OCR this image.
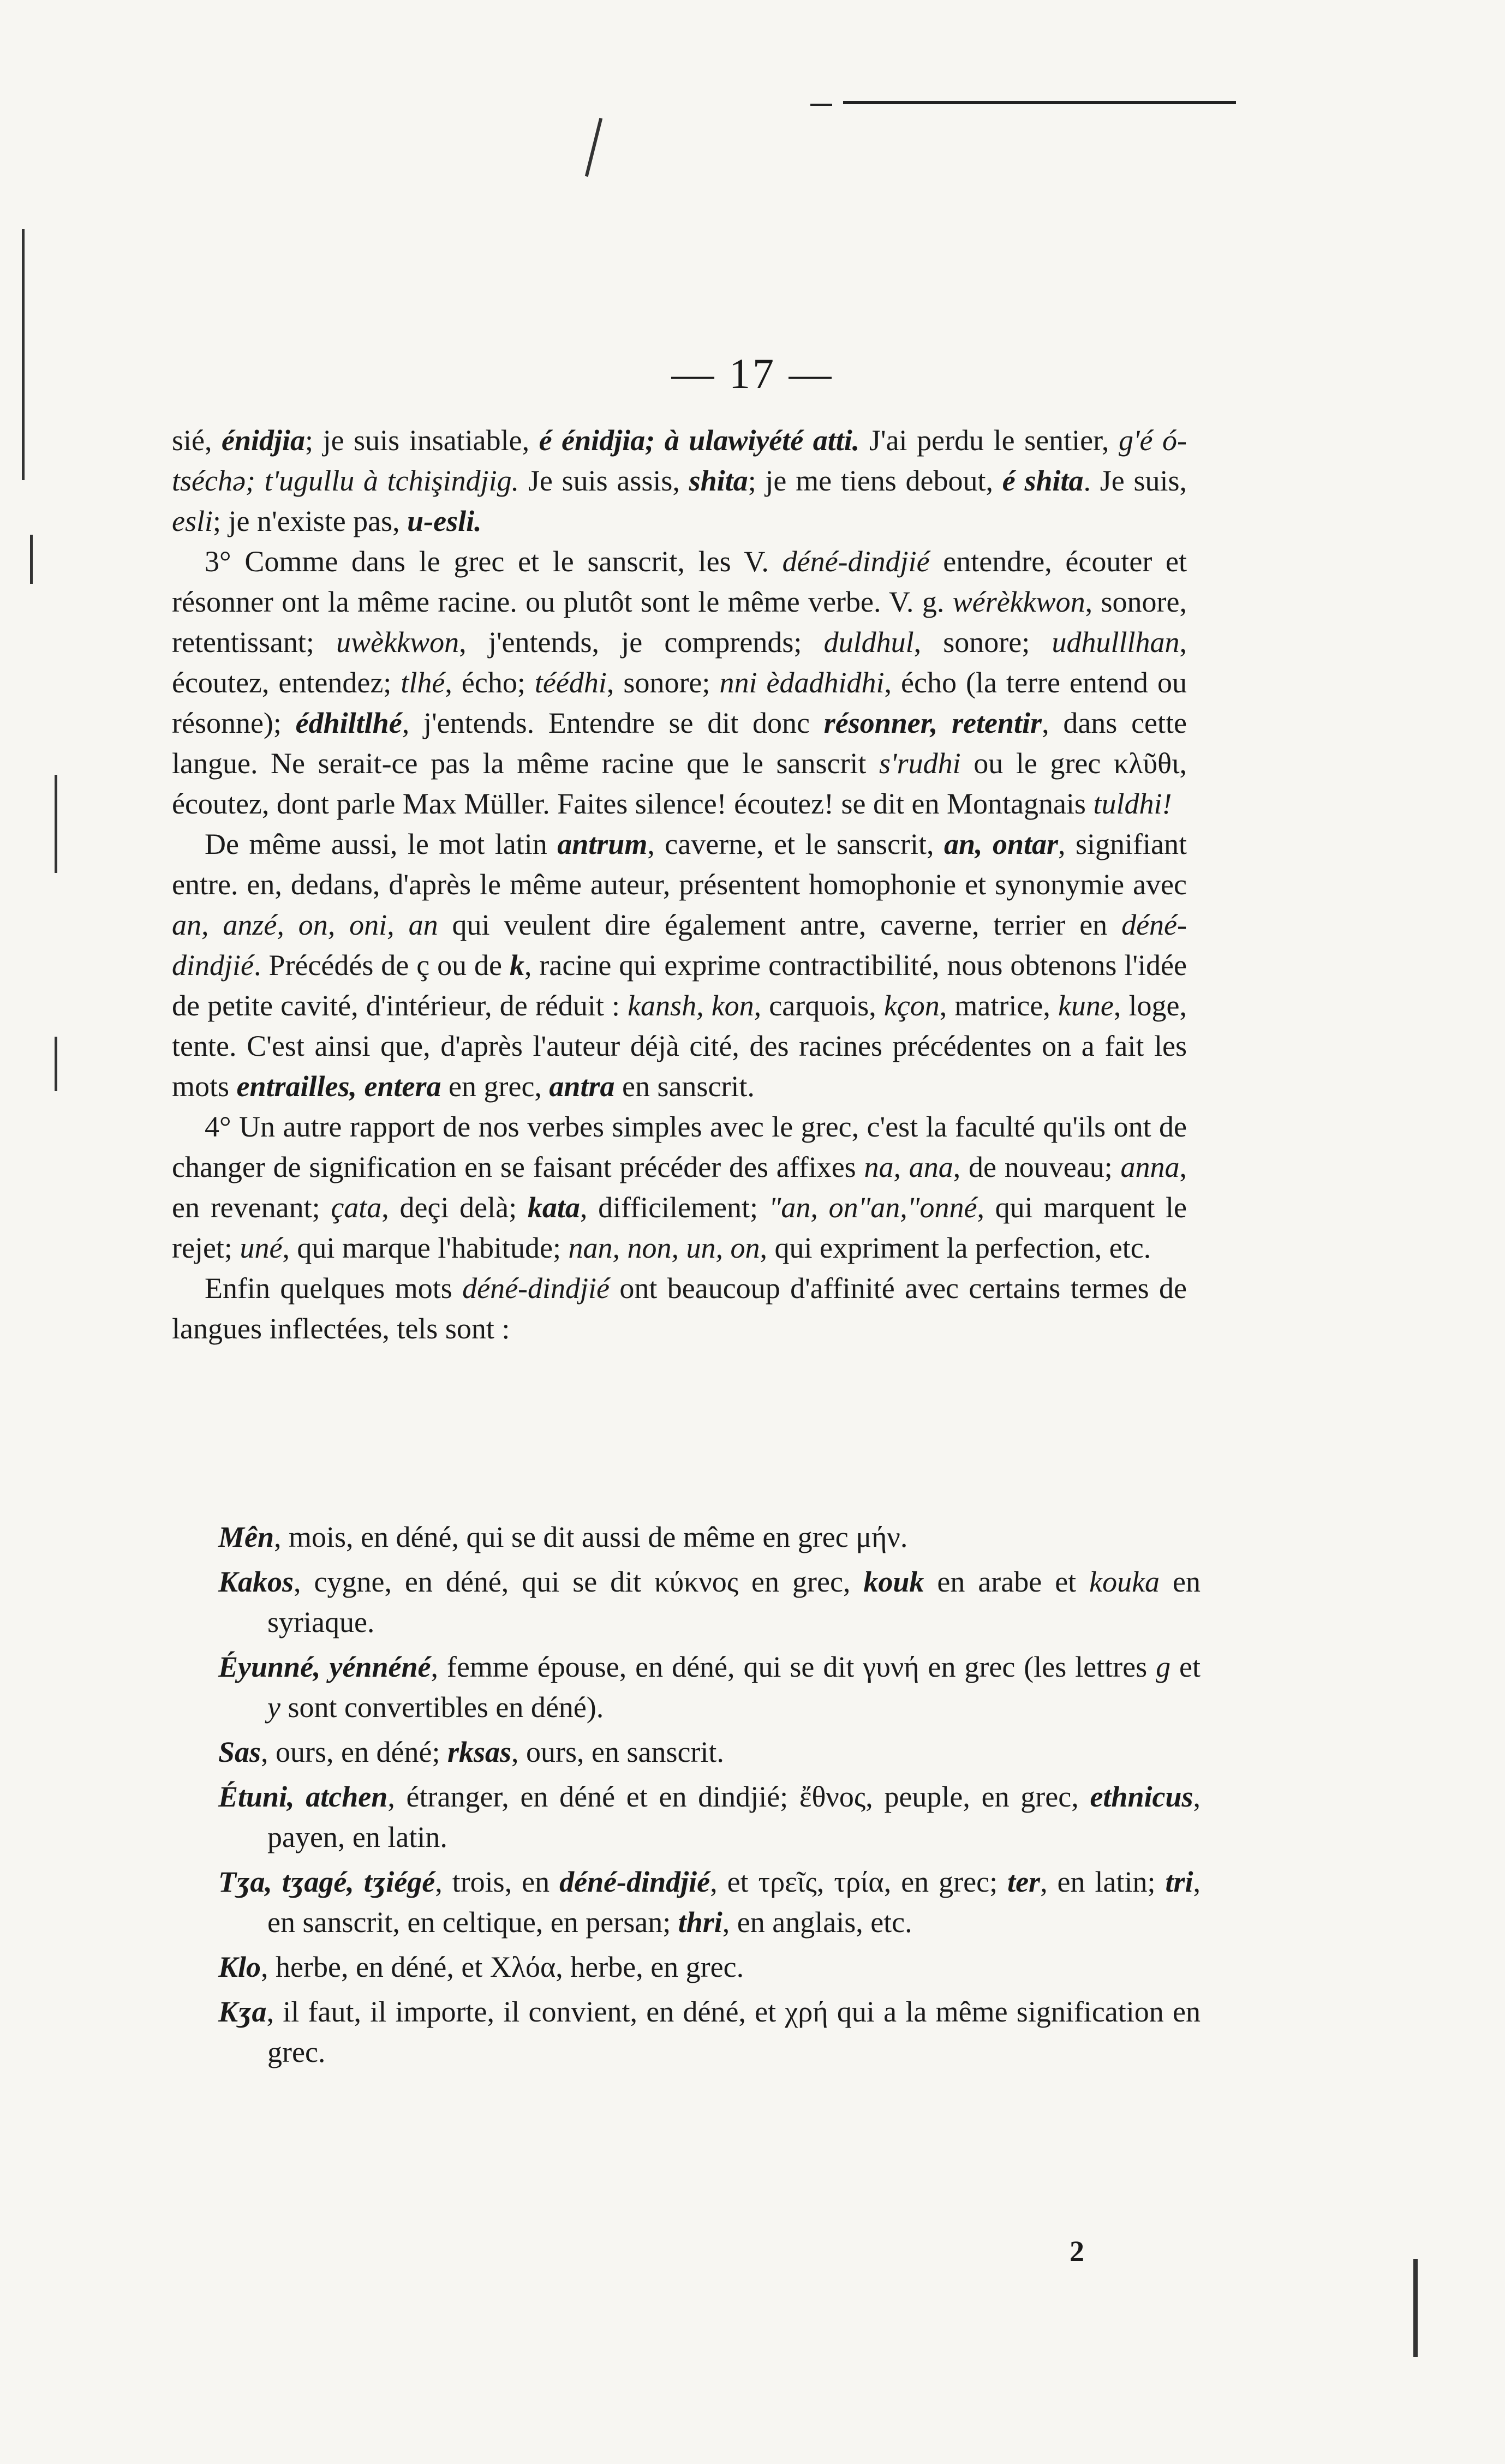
— 17 —

sié, énidjia; je suis insatiable, é énidjia; à ulawiyété atti. J'ai perdu le sentier, g'é ó-tséchə; t'ugullu à tchişindjig. Je suis assis, shita; je me tiens debout, é shita. Je suis, esli; je n'existe pas, u-esli.

3° Comme dans le grec et le sanscrit, les V. déné-dindjié entendre, écouter et résonner ont la même racine. ou plutôt sont le même verbe. V. g. wérèkkwon, sonore, retentissant; uwèkkwon, j'entends, je comprends; duldhul, sonore; udhulllhan, écoutez, entendez; tlhé, écho; téédhi, sonore; nni èdadhidhi, écho (la terre entend ou résonne); édhiltlhé, j'entends. Entendre se dit donc résonner, retentir, dans cette langue. Ne serait-ce pas la même racine que le sanscrit s'rudhi ou le grec κλῦθι, écoutez, dont parle Max Müller. Faites silence! écoutez! se dit en Montagnais tuldhi!

De même aussi, le mot latin antrum, caverne, et le sanscrit, an, ontar, signifiant entre. en, dedans, d'après le même auteur, présentent homophonie et synonymie avec an, anzé, on, oni, an qui veulent dire également antre, caverne, terrier en déné-dindjié. Précédés de ç ou de k, racine qui exprime contractibilité, nous obtenons l'idée de petite cavité, d'intérieur, de réduit : kansh, kon, carquois, kçon, matrice, kune, loge, tente. C'est ainsi que, d'après l'auteur déjà cité, des racines précédentes on a fait les mots entrailles, entera en grec, antra en sanscrit.

4° Un autre rapport de nos verbes simples avec le grec, c'est la faculté qu'ils ont de changer de signification en se faisant précéder des affixes na, ana, de nouveau; anna, en revenant; çata, deçi delà; kata, difficilement; "an, on"an,"onné, qui marquent le rejet; uné, qui marque l'habitude; nan, non, un, on, qui expriment la perfection, etc.

Enfin quelques mots déné-dindjié ont beaucoup d'affinité avec certains termes de langues inflectées, tels sont :

Mên, mois, en déné, qui se dit aussi de même en grec μήν.

Kakos, cygne, en déné, qui se dit κύκνος en grec, kouk en arabe et kouka en syriaque.

Éyunné, yénnéné, femme épouse, en déné, qui se dit γυνή en grec (les lettres g et y sont convertibles en déné).

Sas, ours, en déné; rksas, ours, en sanscrit.

Étuni, atchen, étranger, en déné et en dindjié; ἔθνος, peuple, en grec, ethnicus, payen, en latin.

Tʒa, tʒagé, tʒiégé, trois, en déné-dindjié, et τρεῖς, τρία, en grec; ter, en latin; tri, en sanscrit, en celtique, en persan; thri, en anglais, etc.

Klo, herbe, en déné, et Χλόα, herbe, en grec.

Kʒa, il faut, il importe, il convient, en déné, et χρή qui a la même signification en grec.

2
